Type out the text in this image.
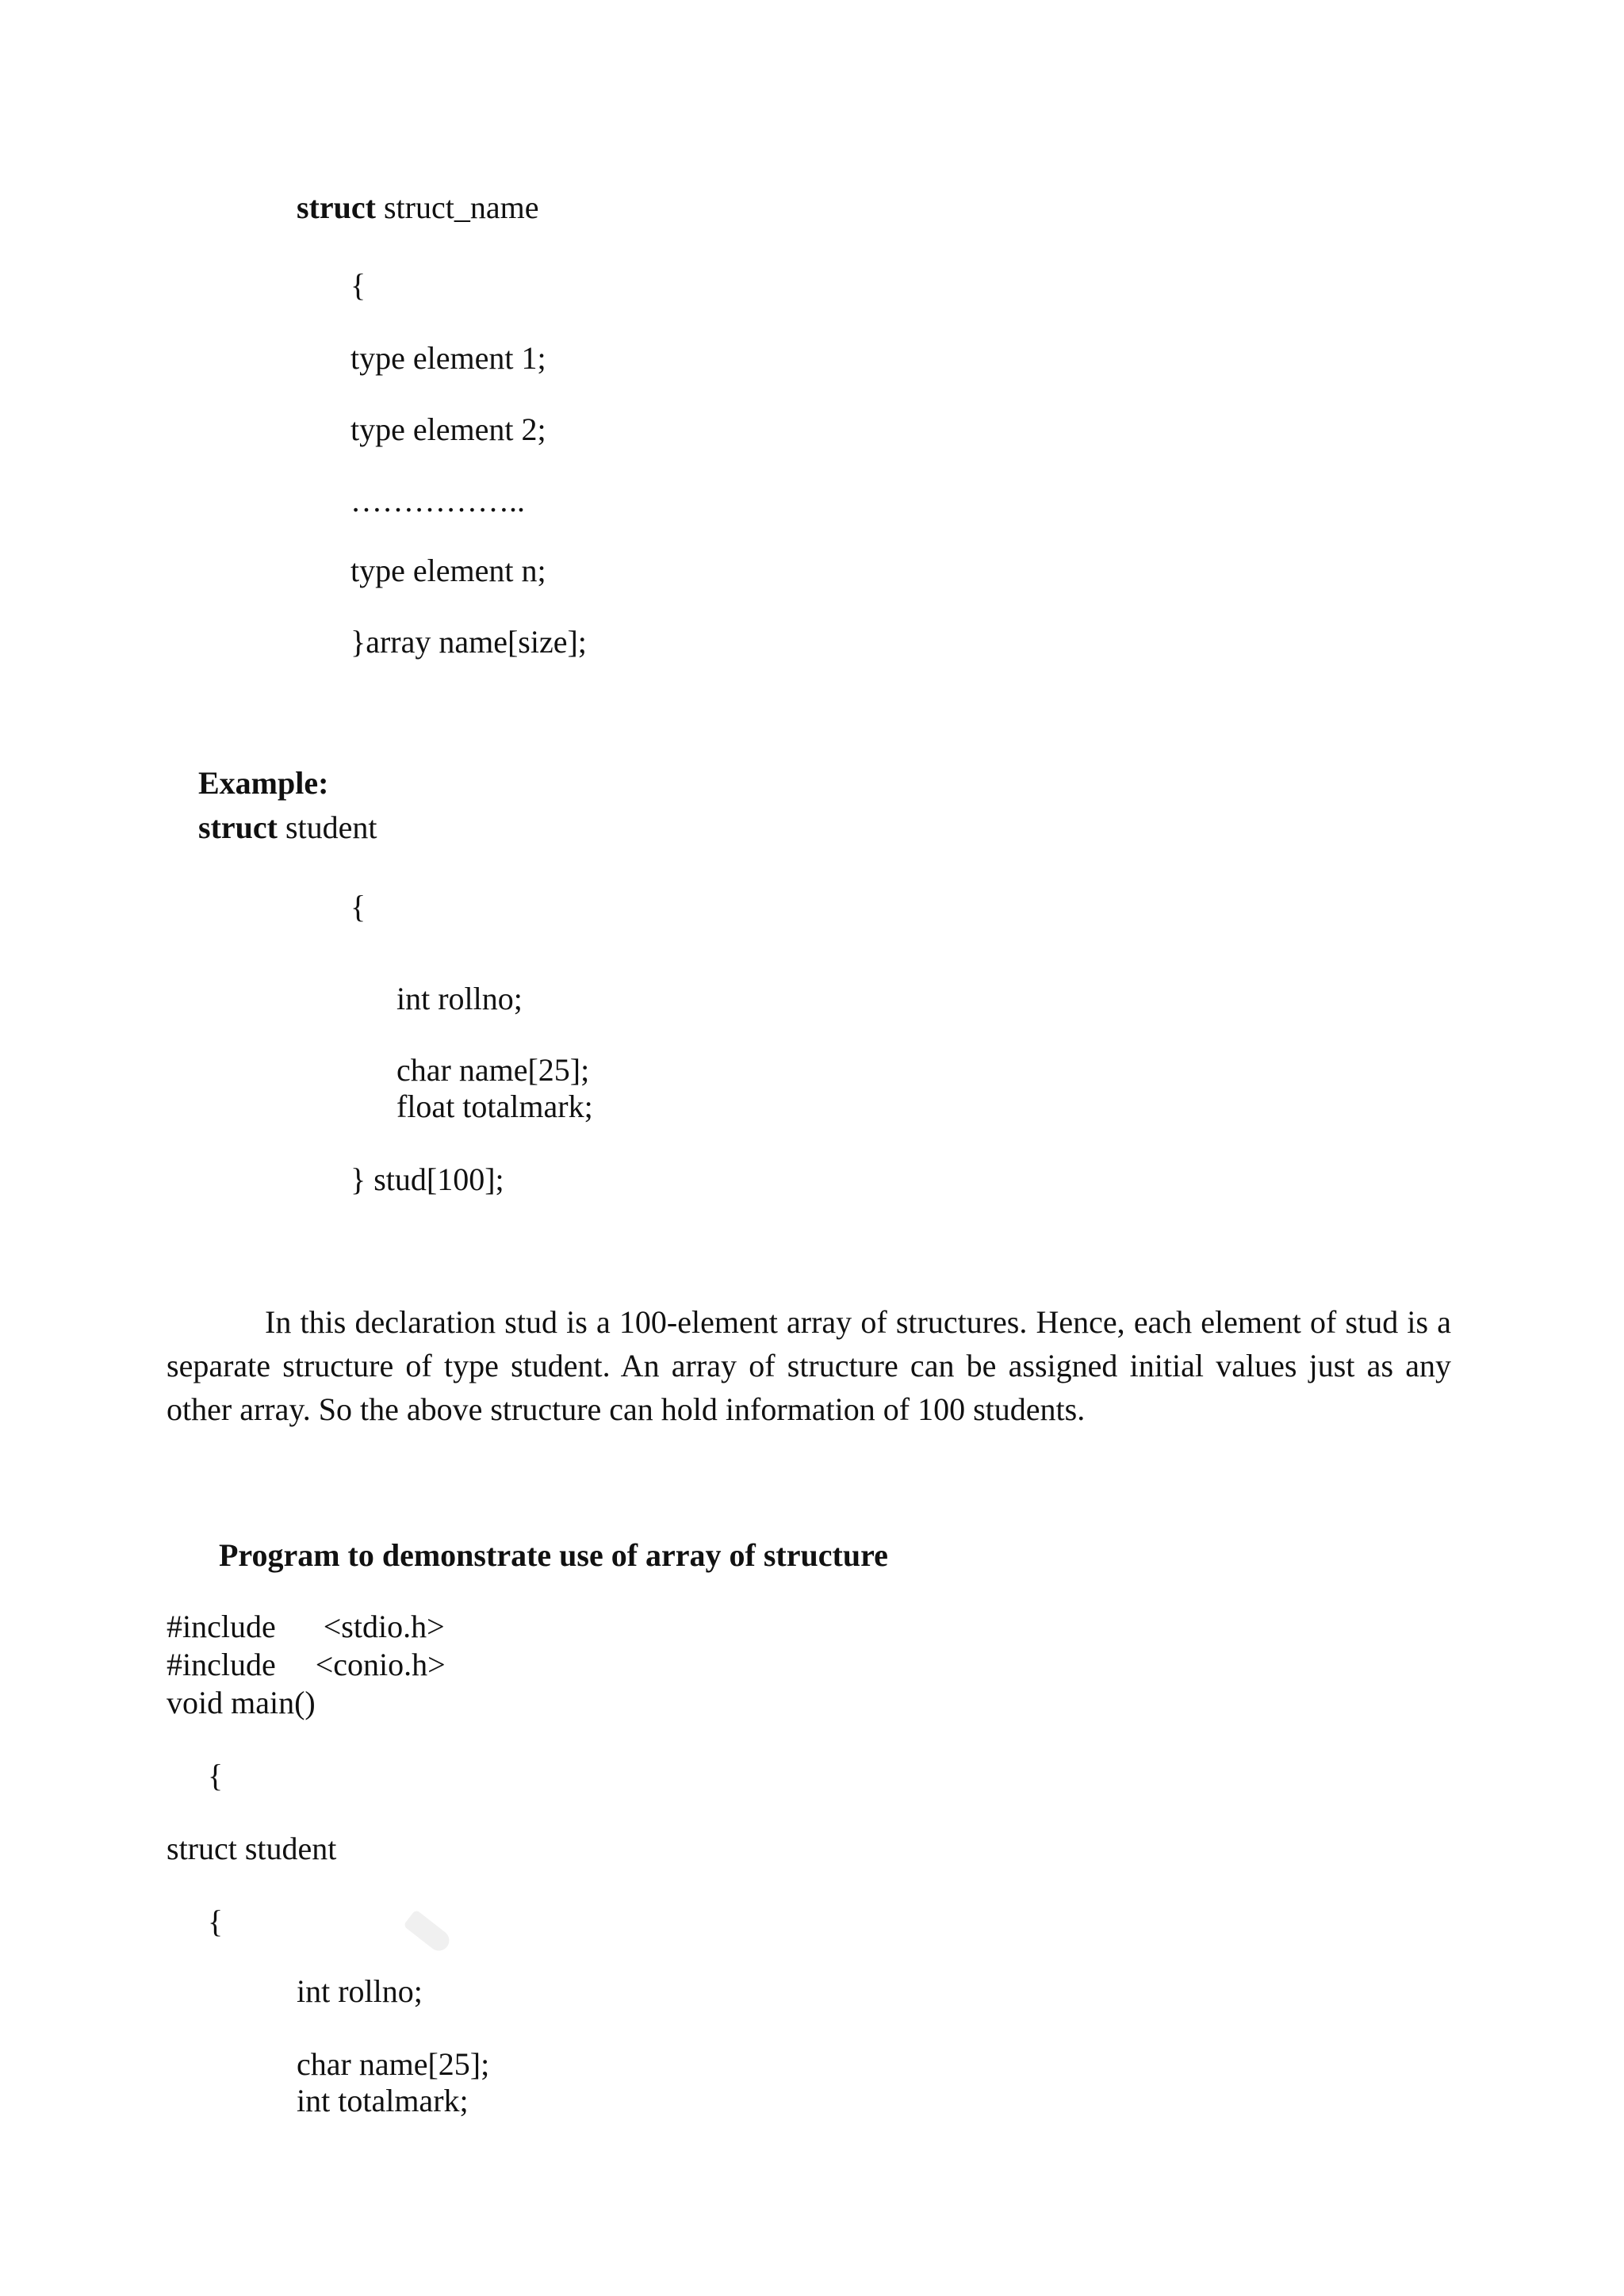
struct struct_name
{
type element 1;
type element 2;
……………..
type element n;
}array name[size];
Example:
struct student
{
int rollno;
char name[25];
float totalmark;
} stud[100];
In this declaration stud is a 100-element array of structures. Hence, each element of stud is a separate structure of type student. An array of structure can be assigned initial values just as any other array. So the above structure can hold information of 100 students.
Program to demonstrate use of array of structure
#include      <stdio.h>
#include     <conio.h>
void main()
{
struct student
{
int rollno;
char name[25];
int totalmark;
